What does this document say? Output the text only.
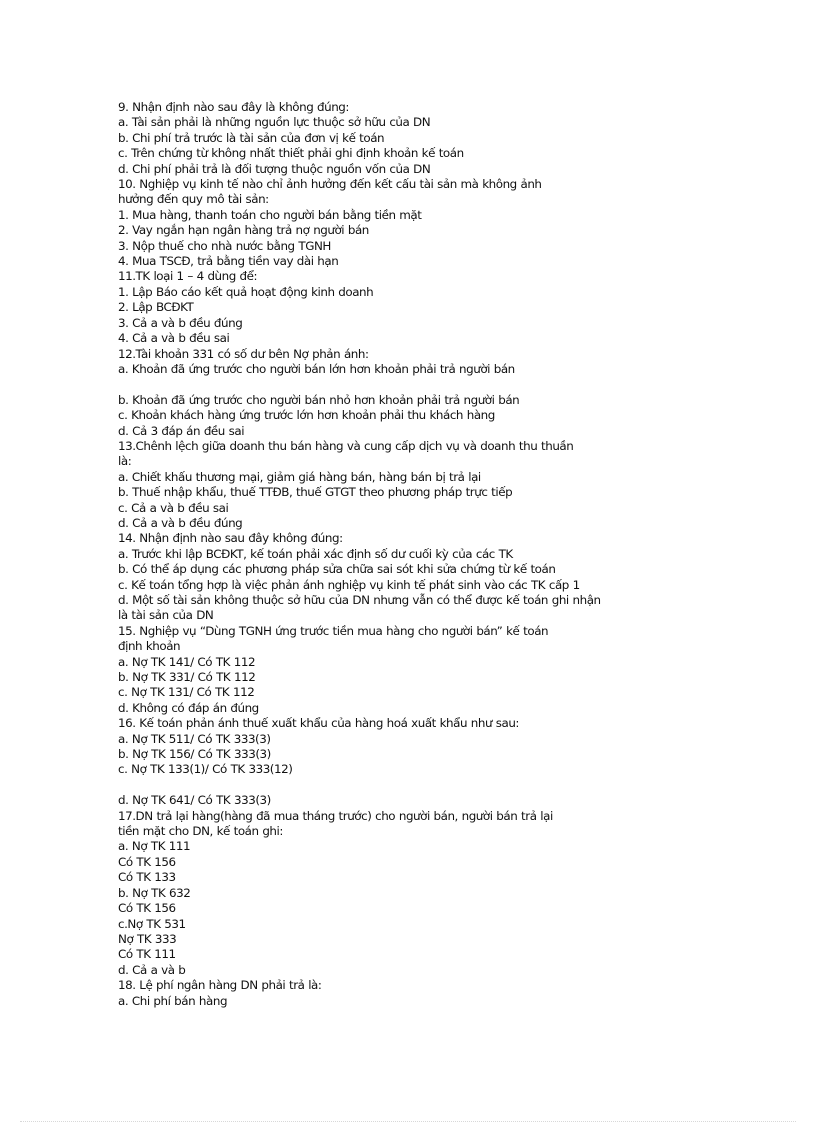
9. Nhận định nào sau đây là không đúng:

a. Tài sản phải là những nguồn lực thuộc sở hữu của DN

b. Chi phí trả trước là tài sản của đơn vị kế toán

c. Trên chứng từ không nhất thiết phải ghi định khoản kế toán

d. Chi phí phải trả là đối tượng thuộc nguồn vốn của DN

10. Nghiệp vụ kinh tế nào chỉ ảnh hưởng đến kết cấu tài sản mà không ảnh

hưởng đến quy mô tài sản:

1. Mua hàng, thanh toán cho người bán bằng tiền mặt

2. Vay ngắn hạn ngân hàng trả nợ người bán

3. Nộp thuế cho nhà nước bằng TGNH

4. Mua TSCĐ, trả bằng tiền vay dài hạn

11.TK loại 1 – 4 dùng để:

1. Lập Báo cáo kết quả hoạt động kinh doanh

2. Lập BCĐKT

3. Cả a và b đều đúng

4. Cả a và b đều sai

12.Tài khoản 331 có số dư bên Nợ phản ánh:

a. Khoản đã ứng trước cho người bán lớn hơn khoản phải trả người bán

b. Khoản đã ứng trước cho người bán nhỏ hơn khoản phải trả người bán

c. Khoản khách hàng ứng trước lớn hơn khoản phải thu khách hàng

d. Cả 3 đáp án đều sai

13.Chênh lệch giữa doanh thu bán hàng và cung cấp dịch vụ và doanh thu thuần

là:

a. Chiết khấu thương mại, giảm giá hàng bán, hàng bán bị trả lại

b. Thuế nhập khẩu, thuế TTĐB, thuế GTGT theo phương pháp trực tiếp

c. Cả a và b đều sai

d. Cả a và b đều đúng

14. Nhận định nào sau đây không đúng:

a. Trước khi lập BCĐKT, kế toán phải xác định số dư cuối kỳ của các TK

b. Có thể áp dụng các phương pháp sửa chữa sai sót khi sửa chứng từ kế toán

c. Kế toán tổng hợp là việc phản ánh nghiệp vụ kinh tế phát sinh vào các TK cấp 1

d. Một số tài sản không thuộc sở hữu của DN nhưng vẫn có thể được kế toán ghi nhận

là tài sản của DN

15. Nghiệp vụ “Dùng TGNH ứng trước tiền mua hàng cho người bán” kế toán

định khoản

a. Nợ TK 141/ Có TK 112

b. Nợ TK 331/ Có TK 112

c. Nợ TK 131/ Có TK 112

d. Không có đáp án đúng

16. Kế toán phản ánh thuế xuất khẩu của hàng hoá xuất khẩu như sau:

a. Nợ TK 511/ Có TK 333(3)

b. Nợ TK 156/ Có TK 333(3)

c. Nợ TK 133(1)/ Có TK 333(12)

d. Nợ TK 641/ Có TK 333(3)

17.DN trả lại hàng(hàng đã mua tháng trước) cho người bán, người bán trả lại

tiền mặt cho DN, kế toán ghi:

a. Nợ TK 111

Có TK 156

Có TK 133

b. Nợ TK 632

Có TK 156

c.Nợ TK 531

Nợ TK 333

Có TK 111

d. Cả a và b

18. Lệ phí ngân hàng DN phải trả là:

a. Chi phí bán hàng
